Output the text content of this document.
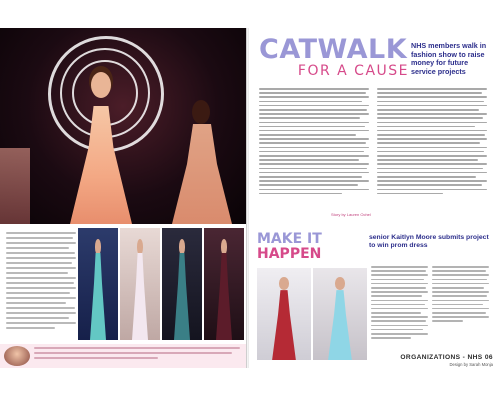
CATWALK
FOR A CAUSE
NHS members walk in fashion show to raise money for future service projects
Story by Lauren Ochel
MAKE IT
HAPPEN
senior Kaitlyn Moore submits project to win prom dress
ORGANIZATIONS - NHS 06
Design by Sarah Monja
